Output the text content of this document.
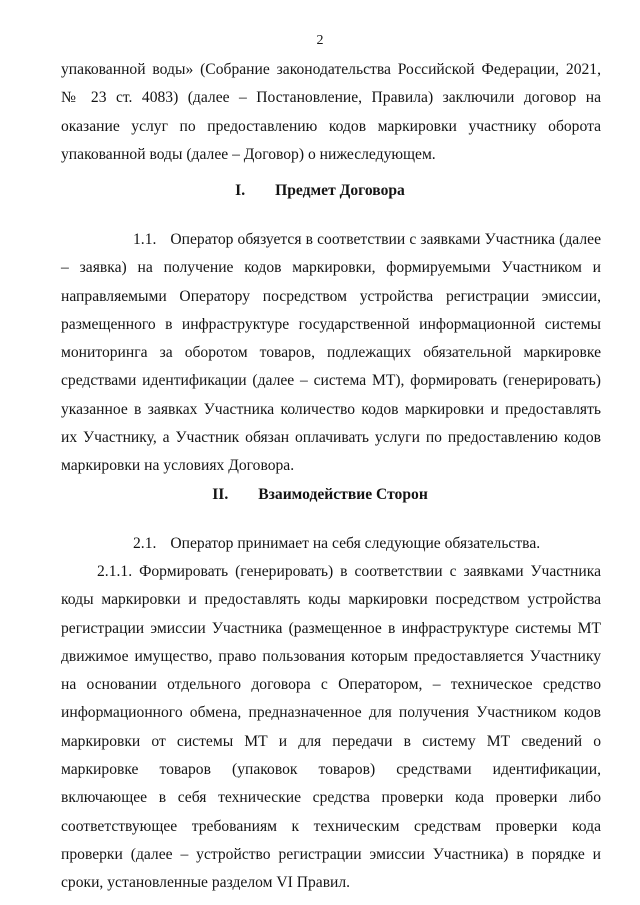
2

упакованной воды» (Собрание законодательства Российской Федерации, 2021, № 23 ст. 4083) (далее – Постановление, Правила) заключили договор на оказание услуг по предоставлению кодов маркировки участнику оборота упакованной воды (далее – Договор) о нижеследующем.

I. Предмет Договора

1.1. Оператор обязуется в соответствии с заявками Участника (далее – заявка) на получение кодов маркировки, формируемыми Участником и направляемыми Оператору посредством устройства регистрации эмиссии, размещенного в инфраструктуре государственной информационной системы мониторинга за оборотом товаров, подлежащих обязательной маркировке средствами идентификации (далее – система МТ), формировать (генерировать) указанное в заявках Участника количество кодов маркировки и предоставлять их Участнику, а Участник обязан оплачивать услуги по предоставлению кодов маркировки на условиях Договора.

II. Взаимодействие Сторон

2.1. Оператор принимает на себя следующие обязательства.

2.1.1. Формировать (генерировать) в соответствии с заявками Участника коды маркировки и предоставлять коды маркировки посредством устройства регистрации эмиссии Участника (размещенное в инфраструктуре системы МТ движимое имущество, право пользования которым предоставляется Участнику на основании отдельного договора с Оператором, – техническое средство информационного обмена, предназначенное для получения Участником кодов маркировки от системы МТ и для передачи в систему МТ сведений о маркировке товаров (упаковок товаров) средствами идентификации, включающее в себя технические средства проверки кода проверки либо соответствующее требованиям к техническим средствам проверки кода проверки (далее – устройство регистрации эмиссии Участника) в порядке и сроки, установленные разделом VI Правил.
